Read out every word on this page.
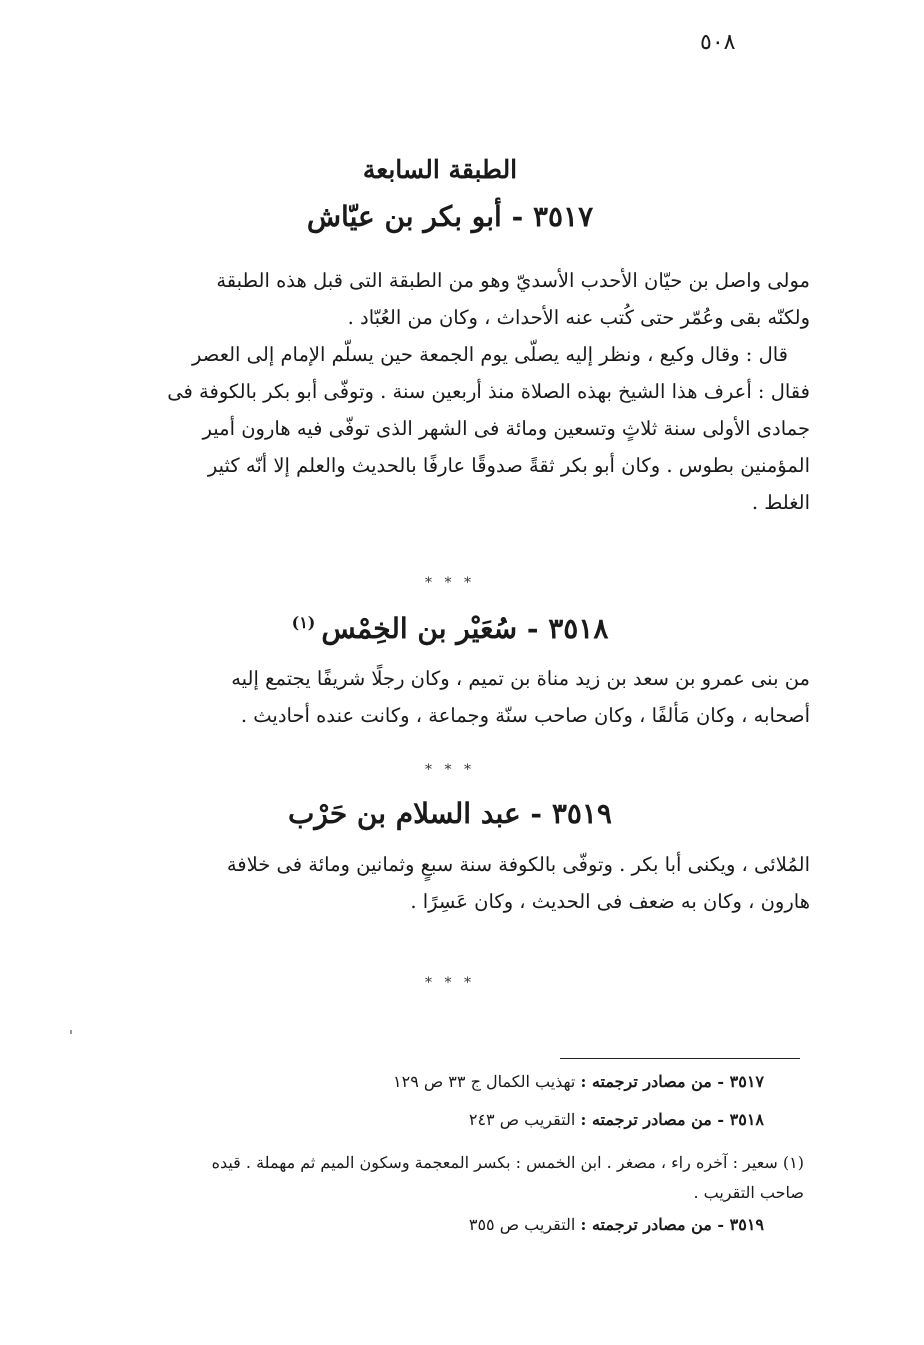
٥٠٨
الطبقة السابعة
٣٥١٧ - أبو بكر بن عيّاش
مولى واصل بن حيّان الأحدب الأسديّ وهو من الطبقة التى قبل هذه الطبقة
ولكنّه بقى وعُمّر حتى كُتب عنه الأحداث ، وكان من العُبّاد .
قال : وقال وكيع ، ونظر إليه يصلّى يوم الجمعة حين يسلّم الإمام إلى العصر
فقال : أعرف هذا الشيخ بهذه الصلاة منذ أربعين سنة . وتوفّى أبو بكر بالكوفة فى
جمادى الأولى سنة ثلاثٍ وتسعين ومائة فى الشهر الذى توفّى فيه هارون أمير
المؤمنين بطوس . وكان أبو بكر ثقةً صدوقًا عارفًا بالحديث والعلم إلا أنّه كثير
الغلط .
* * *
٣٥١٨ - سُعَيْر بن الخِمْس$^{(١)}$
من بنى عمرو بن سعد بن زيد مناة بن تميم ، وكان رجلًا شريفًا يجتمع إليه
أصحابه ، وكان مَألفًا ، وكان صاحب سنّة وجماعة ، وكانت عنده أحاديث .
* * *
٣٥١٩ - عبد السلام بن حَرْب
المُلائى ، ويكنى أبا بكر . وتوفّى بالكوفة سنة سبعٍ وثمانين ومائة فى خلافة
هارون ، وكان به ضعف فى الحديث ، وكان عَسِرًا .
* * *
٣٥١٧ - من مصادر ترجمته : تهذيب الكمال ج ٣٣ ص ١٢٩
٣٥١٨ - من مصادر ترجمته : التقريب ص ٢٤٣
(١) سعير : آخره راء ، مصغر . ابن الخمس : بكسر المعجمة وسكون الميم ثم مهملة . قيده
صاحب التقريب .
٣٥١٩ - من مصادر ترجمته : التقريب ص ٣٥٥
